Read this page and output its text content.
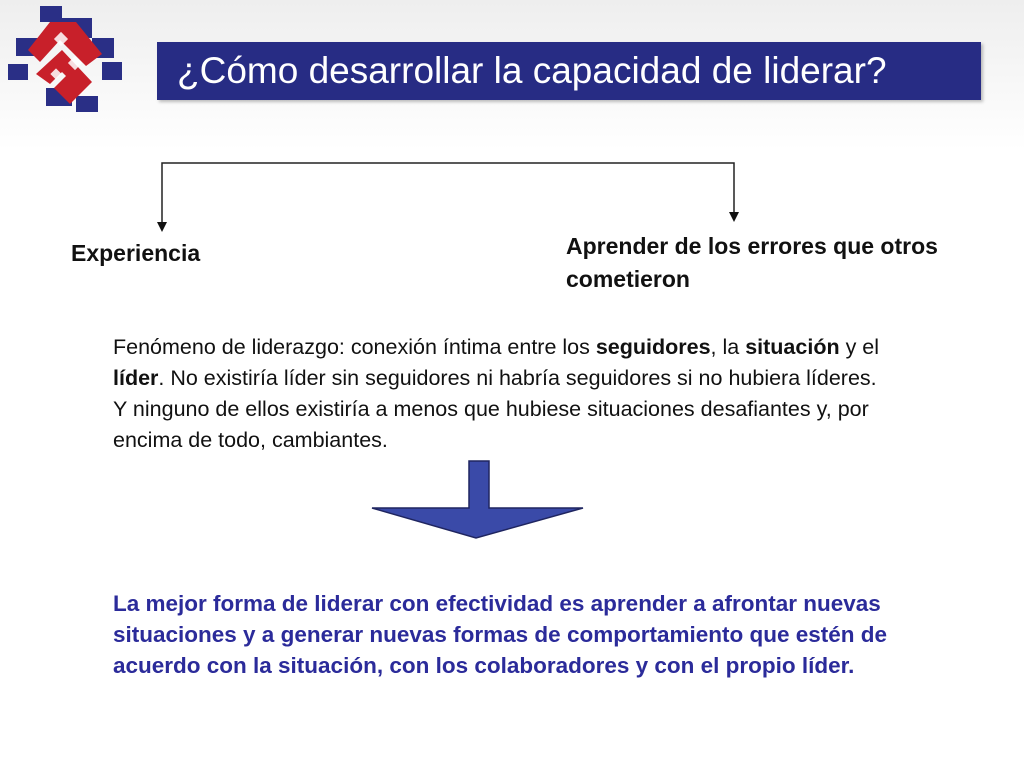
¿Cómo desarrollar la capacidad de liderar?
Experiencia	Aprender de los errores que otros cometieron
Fenómeno de liderazgo: conexión íntima entre los seguidores, la situación y el líder. No existiría líder sin seguidores ni habría seguidores si no hubiera líderes. Y ninguno de ellos existiría a menos que hubiese situaciones desafiantes y, por encima de todo, cambiantes.
La mejor forma de liderar con efectividad es aprender a afrontar nuevas situaciones y a generar nuevas formas de comportamiento que estén de acuerdo con la situación, con los colaboradores y con el propio líder.
